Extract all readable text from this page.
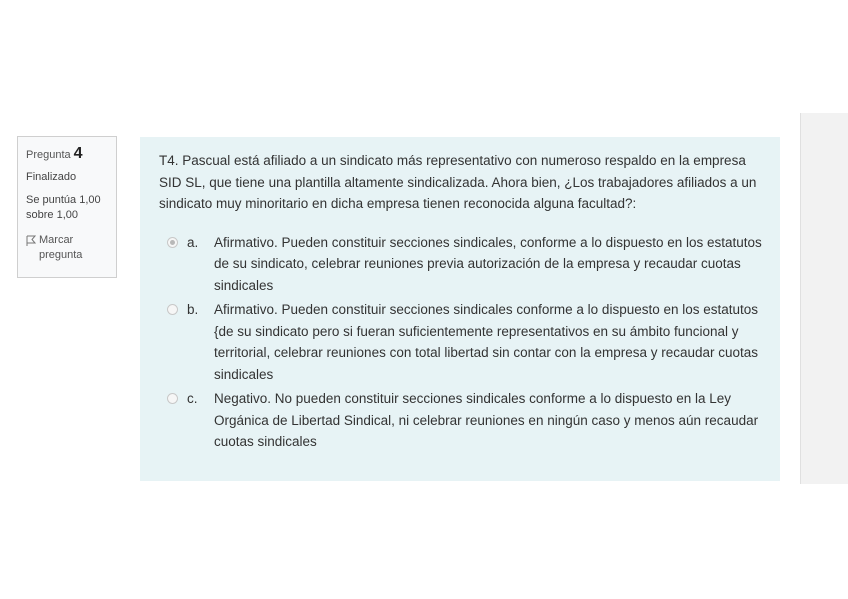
Pregunta 4
Finalizado
Se puntúa 1,00
sobre 1,00
Marcar
pregunta

T4. Pascual está afiliado a un sindicato más representativo con numeroso respaldo en la empresa SID SL, que tiene una plantilla altamente sindicalizada. Ahora bien, ¿Los trabajadores afiliados a un sindicato muy minoritario en dicha empresa tienen reconocida alguna facultad?:

a.	Afirmativo. Pueden constituir secciones sindicales, conforme a lo dispuesto en los estatutos de su sindicato, celebrar reuniones previa autorización de la empresa y recaudar cuotas sindicales
b.	Afirmativo. Pueden constituir secciones sindicales conforme a lo dispuesto en los estatutos {de su sindicato pero si fueran suficientemente representativos en su ámbito funcional y territorial, celebrar reuniones con total libertad sin contar con la empresa y recaudar cuotas sindicales
c.	Negativo. No pueden constituir secciones sindicales conforme a lo dispuesto en la Ley Orgánica de Libertad Sindical, ni celebrar reuniones en ningún caso y menos aún recaudar cuotas sindicales
